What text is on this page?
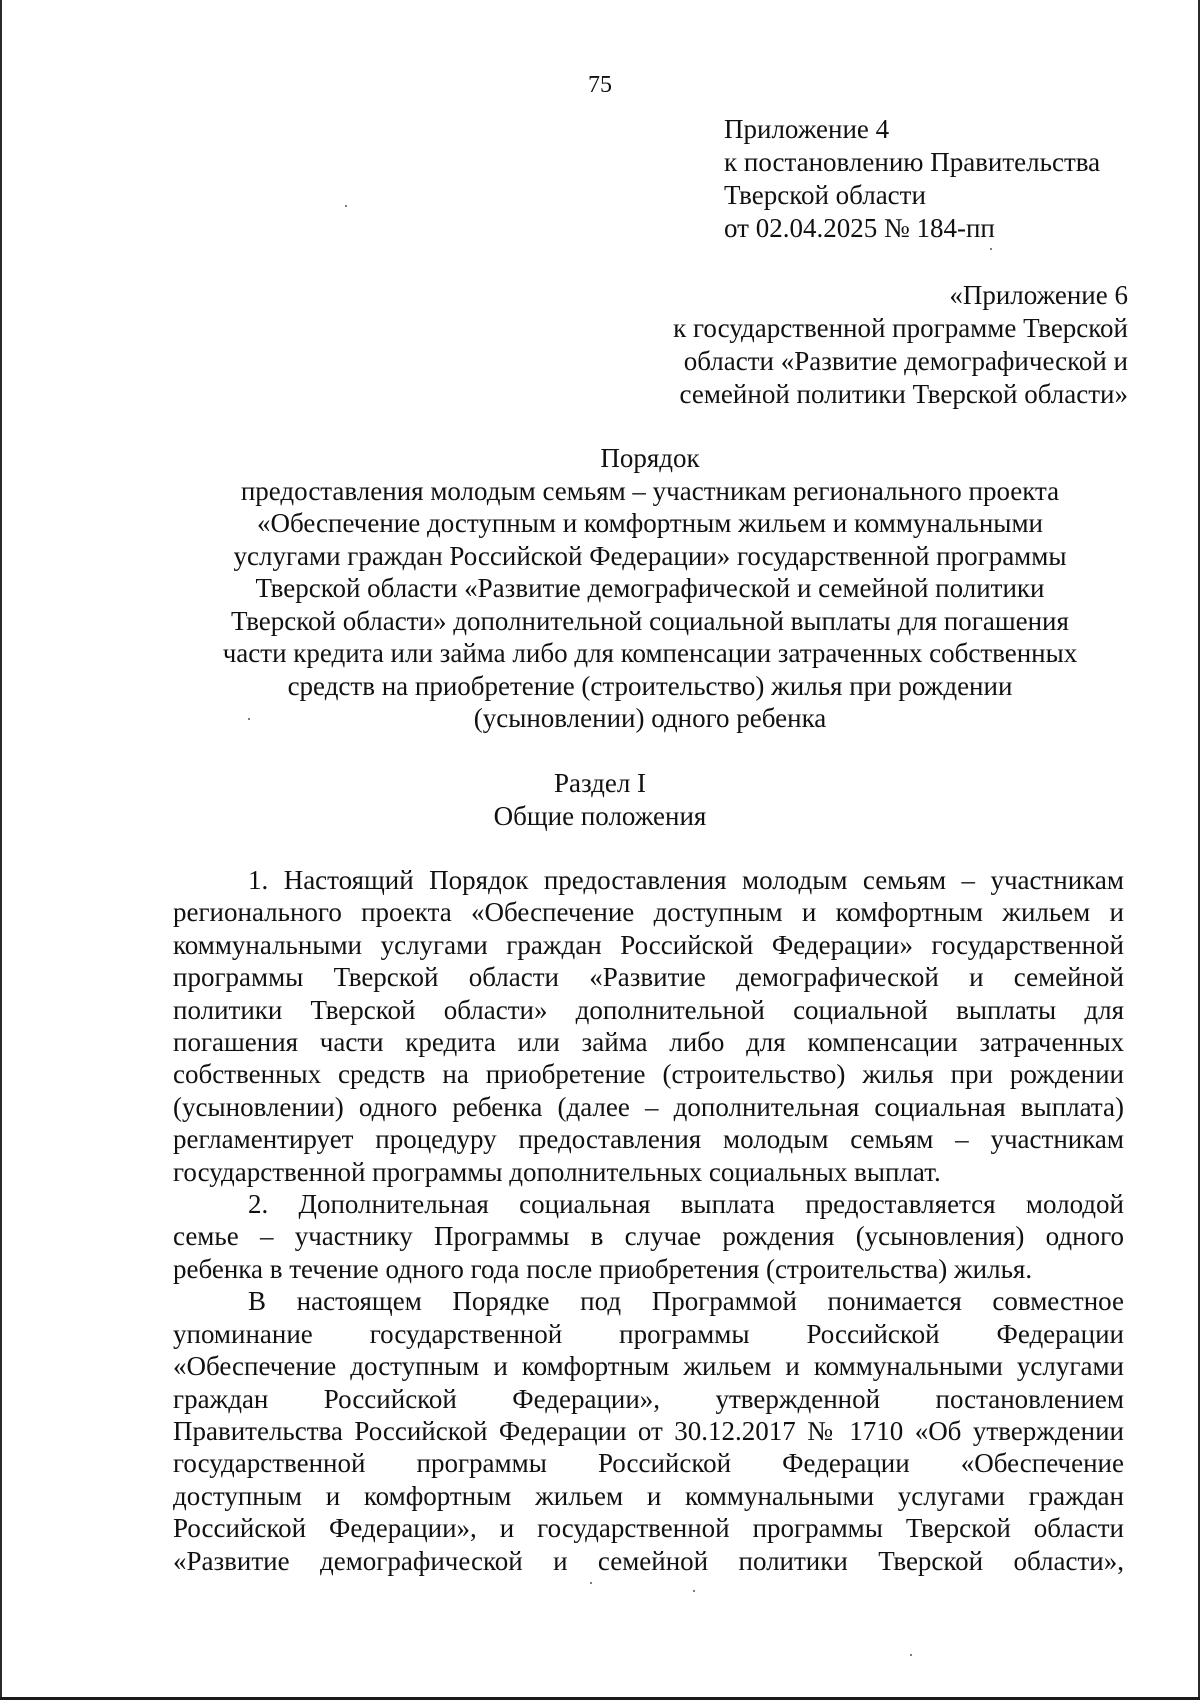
75
Приложение 4
к постановлению Правительства
Тверской области
от 02.04.2025 № 184-пп
«Приложение 6
к государственной программе Тверской
области «Развитие демографической и
семейной политики Тверской области»
Порядок
предоставления молодым семьям – участникам регионального проекта
«Обеспечение доступным и комфортным жильем и коммунальными
услугами граждан Российской Федерации» государственной программы
Тверской области «Развитие демографической и семейной политики
Тверской области» дополнительной социальной выплаты для погашения
части кредита или займа либо для компенсации затраченных собственных
средств на приобретение (строительство) жилья при рождении
(усыновлении) одного ребенка
Раздел I
Общие положения
1. Настоящий Порядок предоставления молодым семьям – участникам
регионального проекта «Обеспечение доступным и комфортным жильем и
коммунальными услугами граждан Российской Федерации» государственной
программы Тверской области «Развитие демографической и семейной
политики Тверской области» дополнительной социальной выплаты для
погашения части кредита или займа либо для компенсации затраченных
собственных средств на приобретение (строительство) жилья при рождении
(усыновлении) одного ребенка (далее – дополнительная социальная выплата)
регламентирует процедуру предоставления молодым семьям – участникам
государственной программы дополнительных социальных выплат.
2. Дополнительная социальная выплата предоставляется молодой
семье – участнику Программы в случае рождения (усыновления) одного
ребенка в течение одного года после приобретения (строительства) жилья.
В настоящем Порядке под Программой понимается совместное
упоминание государственной программы Российской Федерации
«Обеспечение доступным и комфортным жильем и коммунальными услугами
граждан Российской Федерации», утвержденной постановлением
Правительства Российской Федерации от 30.12.2017 № 1710 «Об утверждении
государственной программы Российской Федерации «Обеспечение
доступным и комфортным жильем и коммунальными услугами граждан
Российской Федерации», и государственной программы Тверской области
«Развитие демографической и семейной политики Тверской области»,
